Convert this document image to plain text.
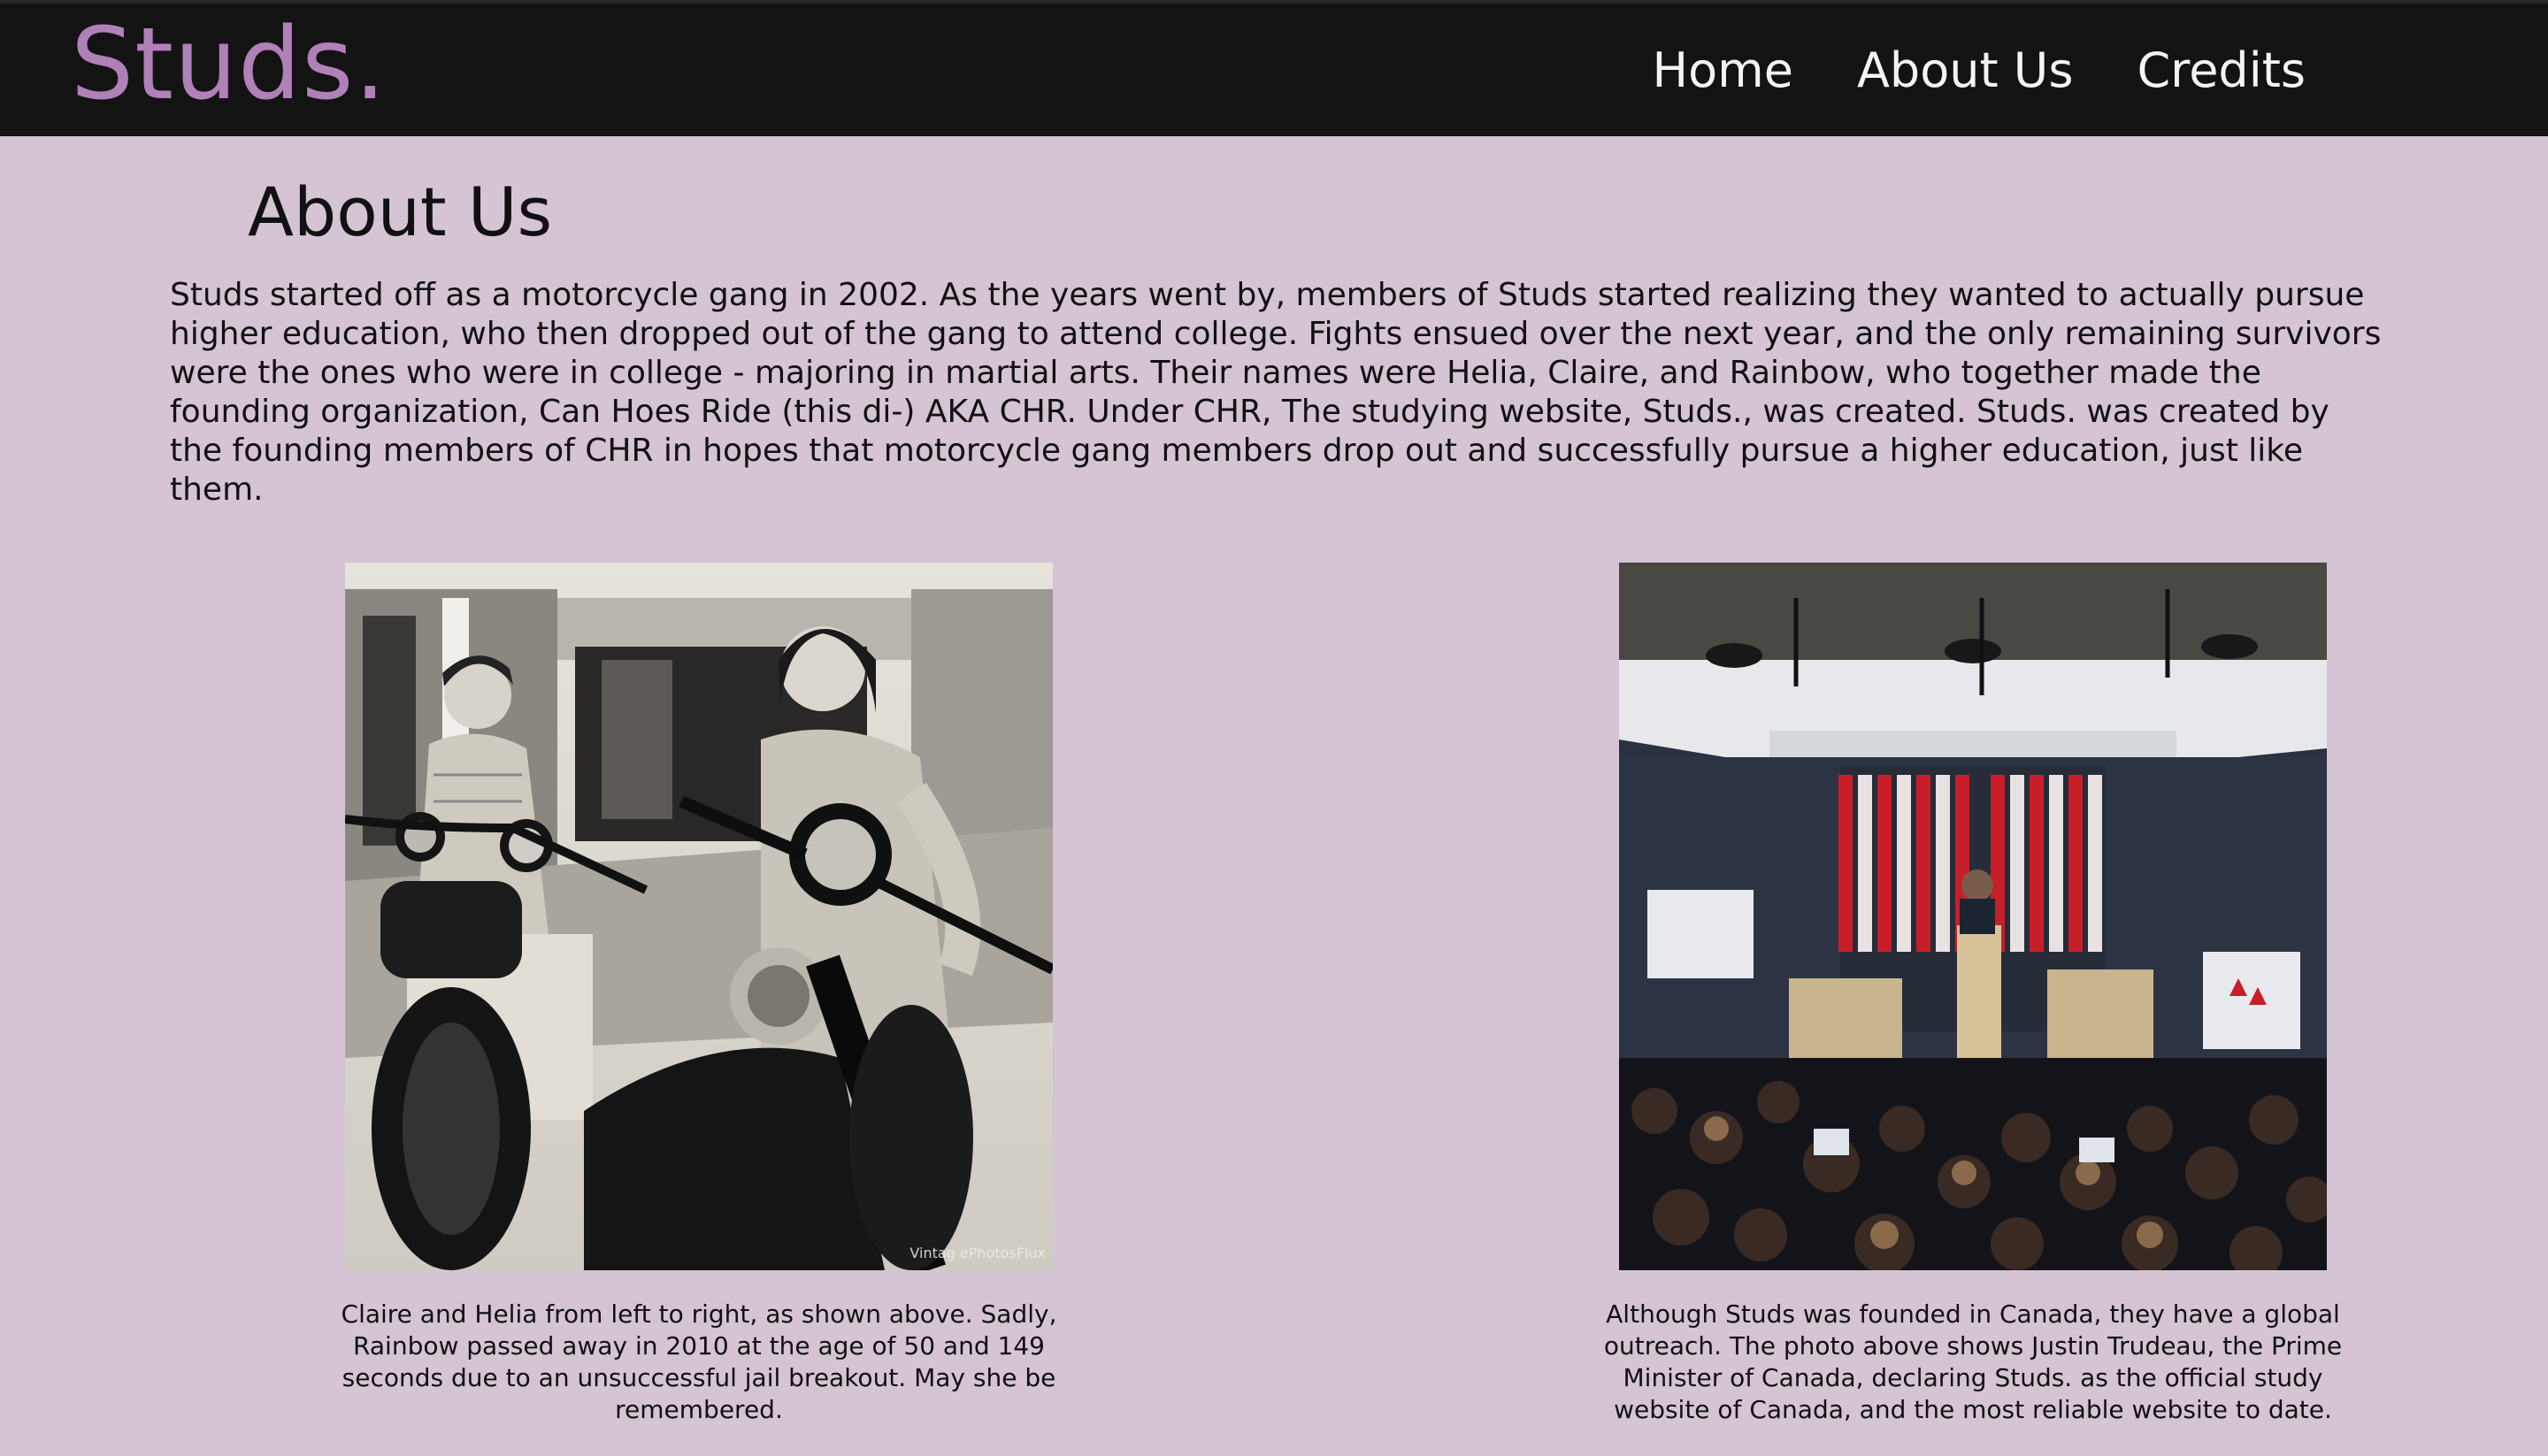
Studs.	Home About Us Credits
About Us

Studs started off as a motorcycle gang in 2002. As the years went by, members of Studs started realizing they wanted to actually pursue higher education, who then dropped out of the gang to attend college. Fights ensued over the next year, and the only remaining survivors were the ones who were in college - majoring in martial arts. Their names were Helia, Claire, and Rainbow, who together made the founding organization, Can Hoes Ride (this di-) AKA CHR. Under CHR, The studying website, Studs., was created. Studs. was created by the founding members of CHR in hopes that motorcycle gang members drop out and successfully pursue a higher education, just like them.

Vintag ePhotosFlux
Claire and Helia from left to right, as shown above. Sadly, Rainbow passed away in 2010 at the age of 50 and 149 seconds due to an unsuccessful jail breakout. May she be remembered.
Although Studs was founded in Canada, they have a global outreach. The photo above shows Justin Trudeau, the Prime Minister of Canada, declaring Studs. as the official study website of Canada, and the most reliable website to date.
